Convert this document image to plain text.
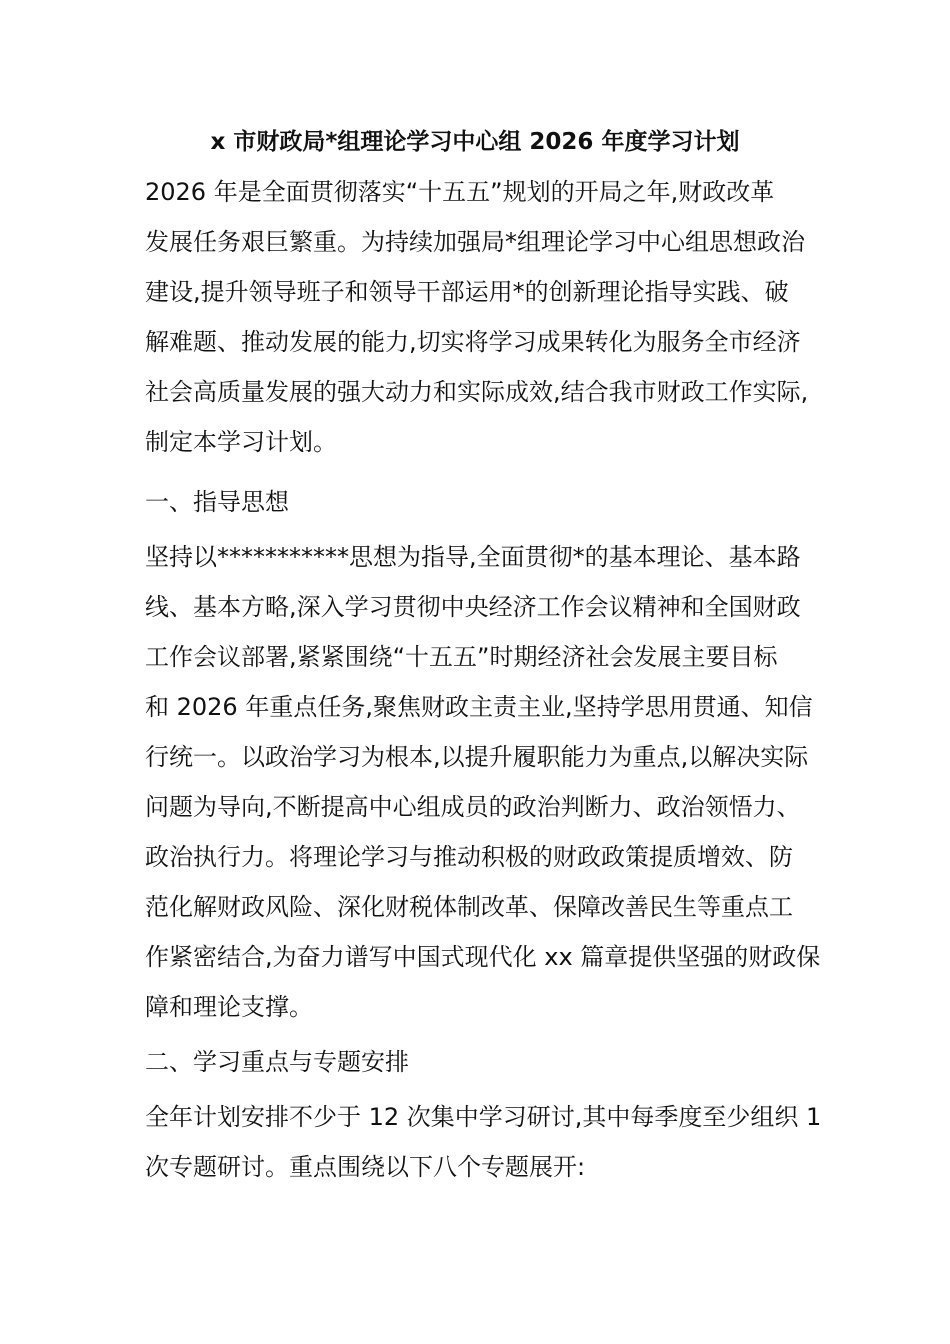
x 市财政局*组理论学习中心组 2026 年度学习计划
2026 年是全面贯彻落实“十五五”规划的开局之年,财政改革
发展任务艰巨繁重。为持续加强局*组理论学习中心组思想政治
建设,提升领导班子和领导干部运用*的创新理论指导实践、破
解难题、推动发展的能力,切实将学习成果转化为服务全市经济
社会高质量发展的强大动力和实际成效,结合我市财政工作实际,
制定本学习计划。
一、指导思想
坚持以***********思想为指导,全面贯彻*的基本理论、基本路
线、基本方略,深入学习贯彻中央经济工作会议精神和全国财政
工作会议部署,紧紧围绕“十五五”时期经济社会发展主要目标
和 2026 年重点任务,聚焦财政主责主业,坚持学思用贯通、知信
行统一。以政治学习为根本,以提升履职能力为重点,以解决实际
问题为导向,不断提高中心组成员的政治判断力、政治领悟力、
政治执行力。将理论学习与推动积极的财政政策提质增效、防
范化解财政风险、深化财税体制改革、保障改善民生等重点工
作紧密结合,为奋力谱写中国式现代化 xx 篇章提供坚强的财政保
障和理论支撑。
二、学习重点与专题安排
全年计划安排不少于 12 次集中学习研讨,其中每季度至少组织 1
次专题研讨。重点围绕以下八个专题展开:
